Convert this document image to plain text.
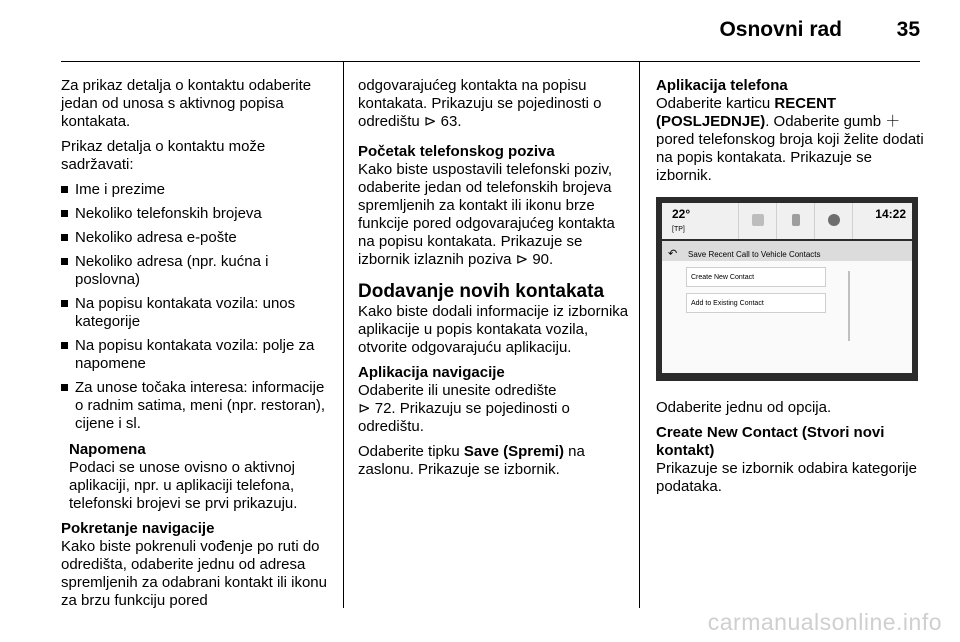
Osnovni rad	35

Za prikaz detalja o kontaktu odaberite jedan od unosa s aktivnog popisa kontakata.

Prikaz detalja o kontaktu može sadržavati:

Ime i prezime
Nekoliko telefonskih brojeva
Nekoliko adresa e-pošte
Nekoliko adresa (npr. kućna i poslovna)
Na popisu kontakata vozila: unos kategorije
Na popisu kontakata vozila: polje za napomene
Za unose točaka interesa: informacije o radnim satima, meni (npr. restoran), cijene i sl.

Napomena

Podaci se unose ovisno o aktivnoj aplikaciji, npr. u aplikaciji telefona, telefonski brojevi se prvi prikazuju.

Pokretanje navigacije

Kako biste pokrenuli vođenje po ruti do odredišta, odaberite jednu od adresa spremljenih za odabrani kontakt ili ikonu za brzu funkciju pored

odgovarajućeg kontakta na popisu kontakata. Prikazuju se pojedinosti o odredištu ⊳ 63.

Početak telefonskog poziva

Kako biste uspostavili telefonski poziv, odaberite jedan od telefonskih brojeva spremljenih za kontakt ili ikonu brze funkcije pored odgovarajućeg kontakta na popisu kontakata. Prikazuje se izbornik izlaznih poziva ⊳ 90.

Dodavanje novih kontakata

Kako biste dodali informacije iz izbornika aplikacije u popis kontakata vozila, otvorite odgovarajuću aplikaciju.

Aplikacija navigacije

Odaberite ili unesite odredište
⊳ 72. Prikazuju se pojedinosti o odredištu.

Odaberite tipku Save (Spremi) na zaslonu. Prikazuje se izbornik.

Aplikacija telefona

Odaberite karticu RECENT (POSLJEDNJE). Odaberite gumb ＋ pored telefonskog broja koji želite dodati na popis kontakata. Prikazuje se izbornik.

22°
[TP]
14:22
↶ Save Recent Call to Vehicle Contacts
Create New Contact
Add to Existing Contact

Odaberite jednu od opcija.

Create New Contact (Stvori novi kontakt)

Prikazuje se izbornik odabira kategorije podataka.

carmanualsonline.info
